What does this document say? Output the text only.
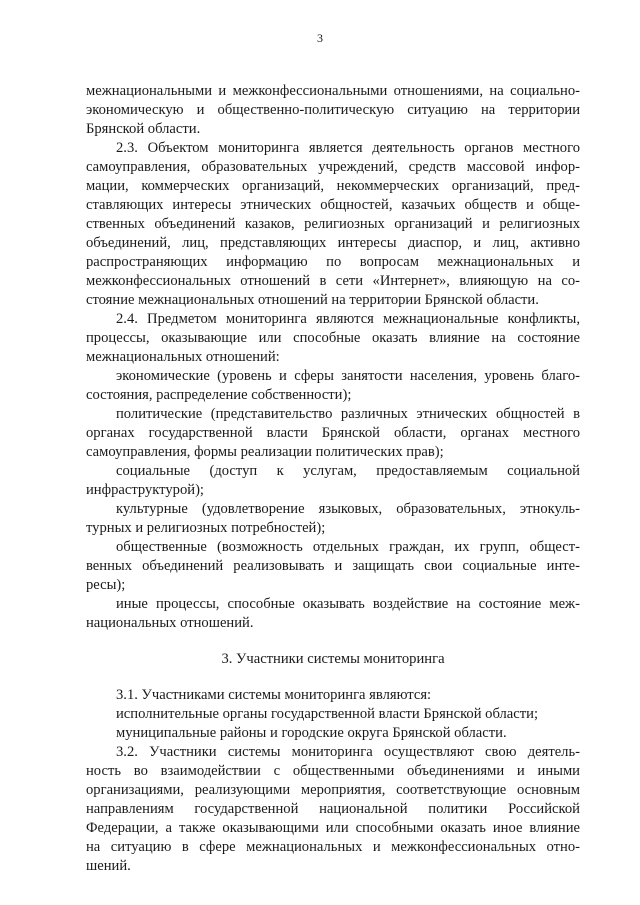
3
межнациональными и межконфессиональными отношениями, на социально-
экономическую и общественно-политическую ситуацию на территории
Брянской области.
2.3. Объектом мониторинга является деятельность органов местного
самоуправления, образовательных учреждений, средств массовой инфор-
мации, коммерческих организаций, некоммерческих организаций, пред-
ставляющих интересы этнических общностей, казачьих обществ и обще-
ственных объединений казаков, религиозных организаций и религиозных
объединений, лиц, представляющих интересы диаспор, и лиц, активно
распространяющих информацию по вопросам межнациональных и
межконфессиональных отношений в сети «Интернет», влияющую на со-
стояние межнациональных отношений на территории Брянской области.
2.4. Предметом мониторинга являются межнациональные конфликты,
процессы, оказывающие или способные оказать влияние на состояние
межнациональных отношений:
экономические (уровень и сферы занятости населения, уровень благо-
состояния, распределение собственности);
политические (представительство различных этнических общностей в
органах государственной власти Брянской области, органах местного
самоуправления, формы реализации политических прав);
социальные (доступ к услугам, предоставляемым социальной
инфраструктурой);
культурные (удовлетворение языковых, образовательных, этнокуль-
турных и религиозных потребностей);
общественные (возможность отдельных граждан, их групп, общест-
венных объединений реализовывать и защищать свои социальные инте-
ресы);
иные процессы, способные оказывать воздействие на состояние меж-
национальных отношений.
3. Участники системы мониторинга
3.1. Участниками системы мониторинга являются:
исполнительные органы государственной власти Брянской области;
муниципальные районы и городские округа Брянской области.
3.2. Участники системы мониторинга осуществляют свою деятель-
ность во взаимодействии с общественными объединениями и иными
организациями, реализующими мероприятия, соответствующие основным
направлениям государственной национальной политики Российской
Федерации, а также оказывающими или способными оказать иное влияние
на ситуацию в сфере межнациональных и межконфессиональных отно-
шений.
